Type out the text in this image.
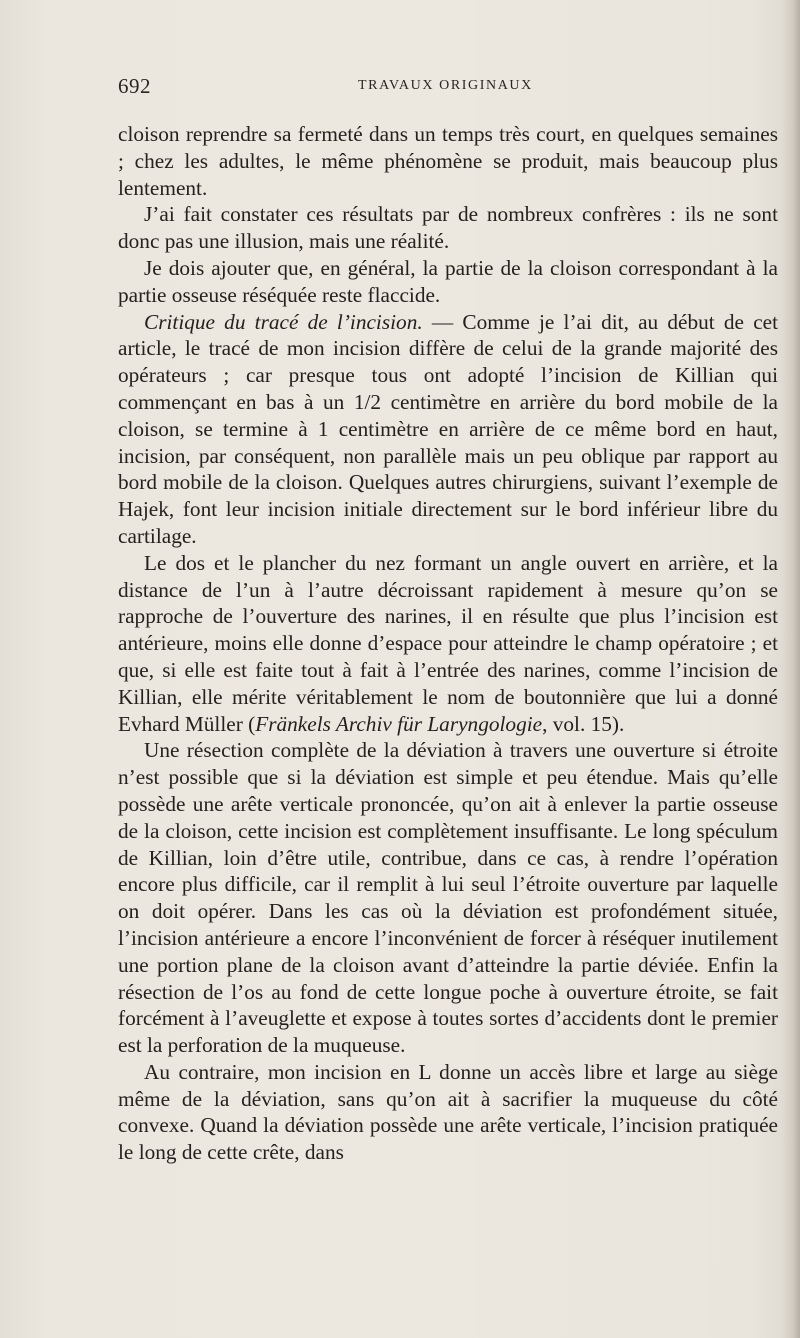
692	TRAVAUX ORIGINAUX

cloison reprendre sa fermeté dans un temps très court, en quelques semaines ; chez les adultes, le même phénomène se produit, mais beaucoup plus lentement.

J’ai fait constater ces résultats par de nombreux confrères : ils ne sont donc pas une illusion, mais une réalité.

Je dois ajouter que, en général, la partie de la cloison correspondant à la partie osseuse réséquée reste flaccide.

Critique du tracé de l’incision. — Comme je l’ai dit, au début de cet article, le tracé de mon incision diffère de celui de la grande majorité des opérateurs ; car presque tous ont adopté l’incision de Killian qui commençant en bas à un 1/2 centimètre en arrière du bord mobile de la cloison, se termine à 1 centimètre en arrière de ce même bord en haut, incision, par conséquent, non parallèle mais un peu oblique par rapport au bord mobile de la cloison. Quelques autres chirurgiens, suivant l’exemple de Hajek, font leur incision initiale directement sur le bord inférieur libre du cartilage.

Le dos et le plancher du nez formant un angle ouvert en arrière, et la distance de l’un à l’autre décroissant rapidement à mesure qu’on se rapproche de l’ouverture des narines, il en résulte que plus l’incision est antérieure, moins elle donne d’espace pour atteindre le champ opératoire ; et que, si elle est faite tout à fait à l’entrée des narines, comme l’incision de Killian, elle mérite véritablement le nom de boutonnière que lui a donné Evhard Müller (Fränkels Archiv für Laryngologie, vol. 15).

Une résection complète de la déviation à travers une ouverture si étroite n’est possible que si la déviation est simple et peu étendue. Mais qu’elle possède une arête verticale prononcée, qu’on ait à enlever la partie osseuse de la cloison, cette incision est complètement insuffisante. Le long spéculum de Killian, loin d’être utile, contribue, dans ce cas, à rendre l’opération encore plus difficile, car il remplit à lui seul l’étroite ouverture par laquelle on doit opérer. Dans les cas où la déviation est profondément située, l’incision antérieure a encore l’inconvénient de forcer à réséquer inutilement une portion plane de la cloison avant d’atteindre la partie déviée. Enfin la résection de l’os au fond de cette longue poche à ouverture étroite, se fait forcément à l’aveuglette et expose à toutes sortes d’accidents dont le premier est la perforation de la muqueuse.

Au contraire, mon incision en L donne un accès libre et large au siège même de la déviation, sans qu’on ait à sacrifier la muqueuse du côté convexe. Quand la déviation possède une arête verticale, l’incision pratiquée le long de cette crête, dans
